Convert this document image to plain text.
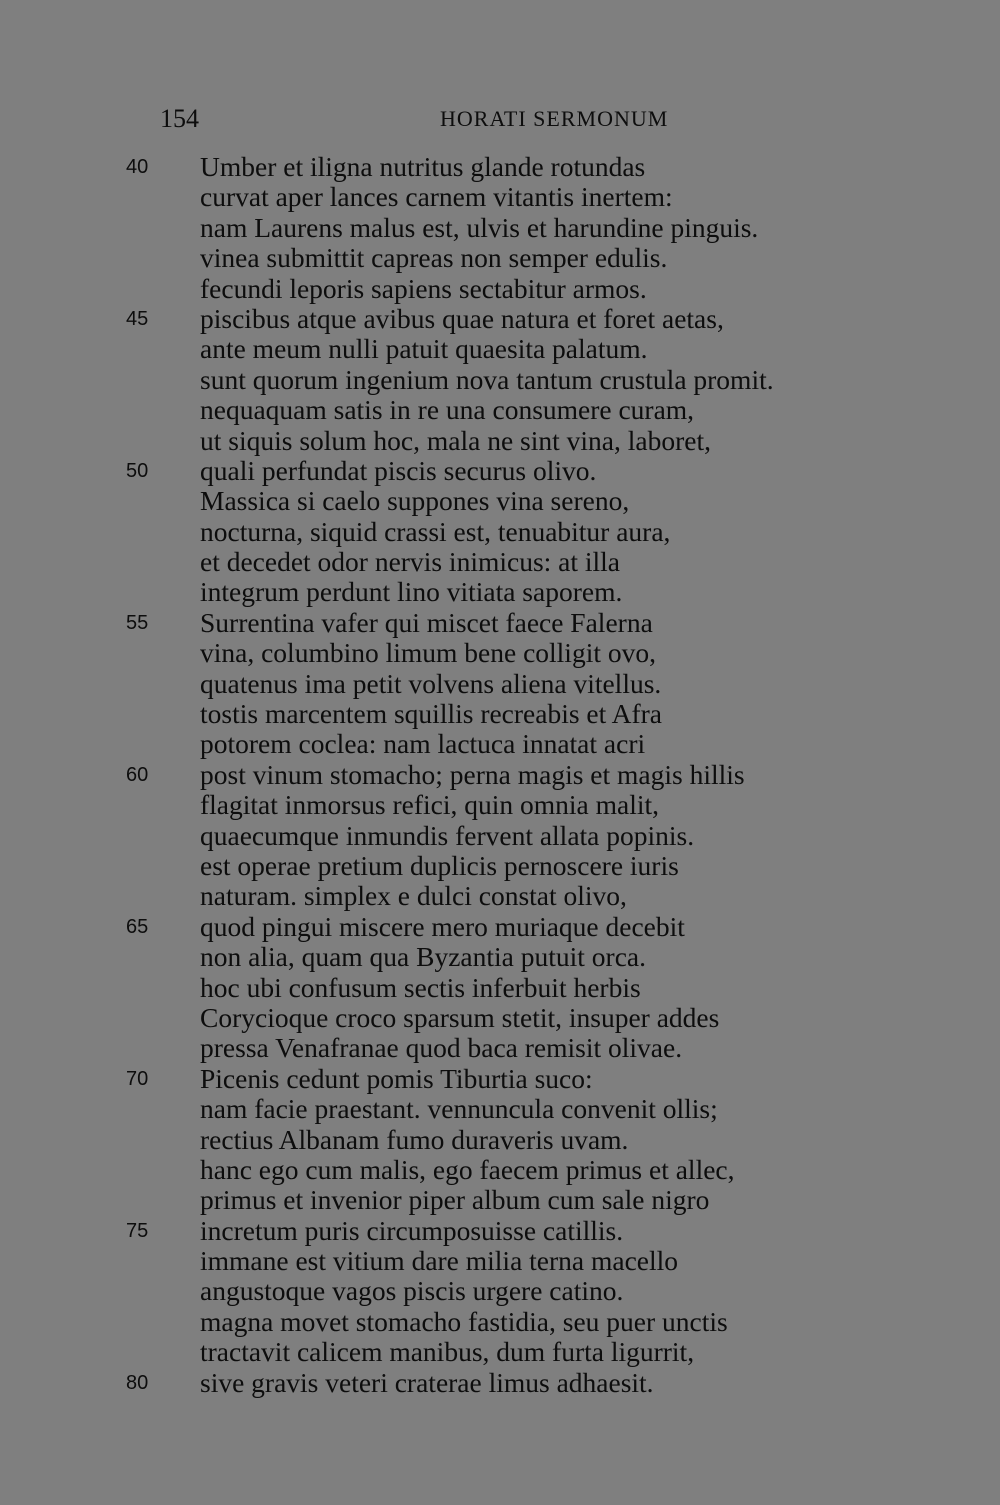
154	HORATI SERMONUM
40 Umber et iligna nutritus glande rotundas
curvat aper lances carnem vitantis inertem:
nam Laurens malus est, ulvis et harundine pinguis.
vinea submittit capreas non semper edulis.
fecundi leporis sapiens sectabitur armos.
45 piscibus atque avibus quae natura et foret aetas,
ante meum nulli patuit quaesita palatum.
sunt quorum ingenium nova tantum crustula promit.
nequaquam satis in re una consumere curam,
ut siquis solum hoc, mala ne sint vina, laboret,
50 quali perfundat piscis securus olivo.
Massica si caelo suppones vina sereno,
nocturna, siquid crassi est, tenuabitur aura,
et decedet odor nervis inimicus: at illa
integrum perdunt lino vitiata saporem.
55 Surrentina vafer qui miscet faece Falerna
vina, columbino limum bene colligit ovo,
quatenus ima petit volvens aliena vitellus.
tostis marcentem squillis recreabis et Afra
potorem coclea: nam lactuca innatat acri
60 post vinum stomacho; perna magis et magis hillis
flagitat inmorsus refici, quin omnia malit,
quaecumque inmundis fervent allata popinis.
est operae pretium duplicis pernoscere iuris
naturam. simplex e dulci constat olivo,
65 quod pingui miscere mero muriaque decebit
non alia, quam qua Byzantia putuit orca.
hoc ubi confusum sectis inferbuit herbis
Corycioque croco sparsum stetit, insuper addes
pressa Venafranae quod baca remisit olivae.
70 Picenis cedunt pomis Tiburtia suco:
nam facie praestant. vennuncula convenit ollis;
rectius Albanam fumo duraveris uvam.
hanc ego cum malis, ego faecem primus et allec,
primus et invenior piper album cum sale nigro
75 incretum puris circumposuisse catillis.
immane est vitium dare milia terna macello
angustoque vagos piscis urgere catino.
magna movet stomacho fastidia, seu puer unctis
tractavit calicem manibus, dum furta ligurrit,
80 sive gravis veteri craterae limus adhaesit.
